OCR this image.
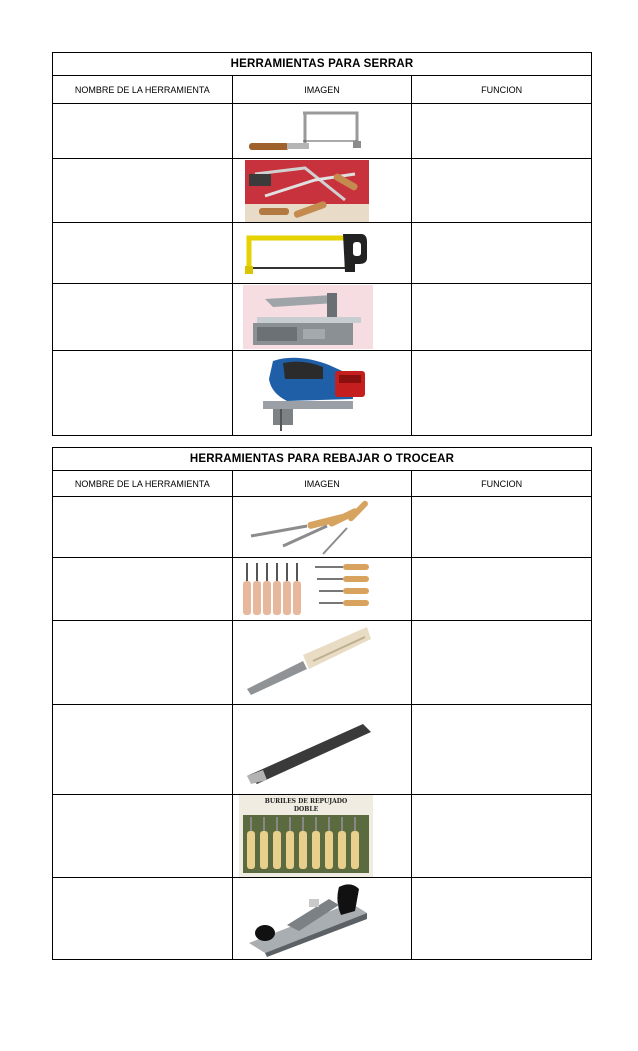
HERRAMIENTAS PARA SERRAR		
NOMBRE DE LA HERRAMIENTA	IMAGEN	FUNCION

HERRAMIENTAS PARA REBAJAR O TROCEAR		
NOMBRE DE LA HERRAMIENTA	IMAGEN	FUNCION

BURILES DE REPUJADO
DOBLE	
